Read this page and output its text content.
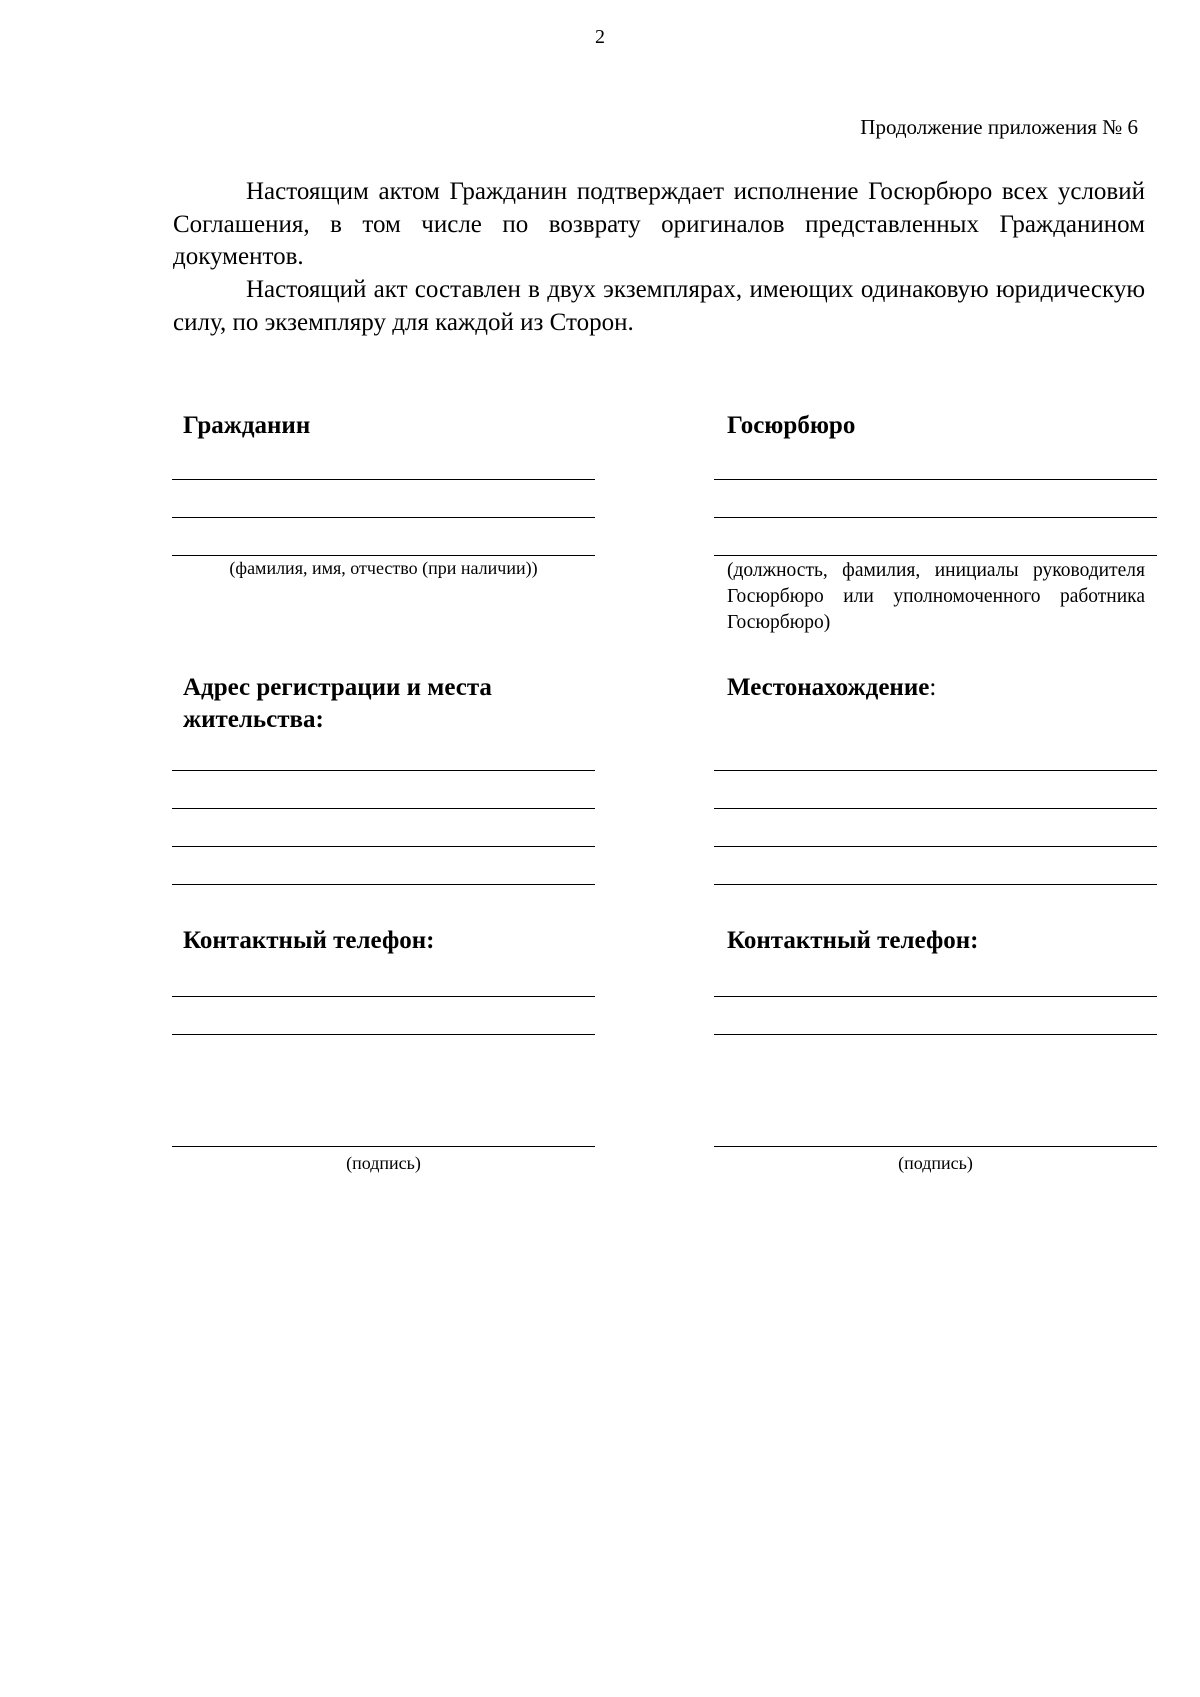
2
Продолжение приложения № 6

Настоящим актом Гражданин подтверждает исполнение Госюрбюро всех условий Соглашения, в том числе по возврату оригиналов представленных Гражданином документов.

Настоящий акт составлен в двух экземплярах, имеющих одинаковую юридическую силу, по экземпляру для каждой из Сторон.

Гражданин
(фамилия, имя, отчество (при наличии))
Адрес регистрации и места жительства:
Контактный телефон:
(подпись)
Госюрбюро
(должность, фамилия, инициалы руководителя Госюрбюро или уполномоченного работника Госюрбюро)
Местонахождение:
Контактный телефон:
(подпись)
